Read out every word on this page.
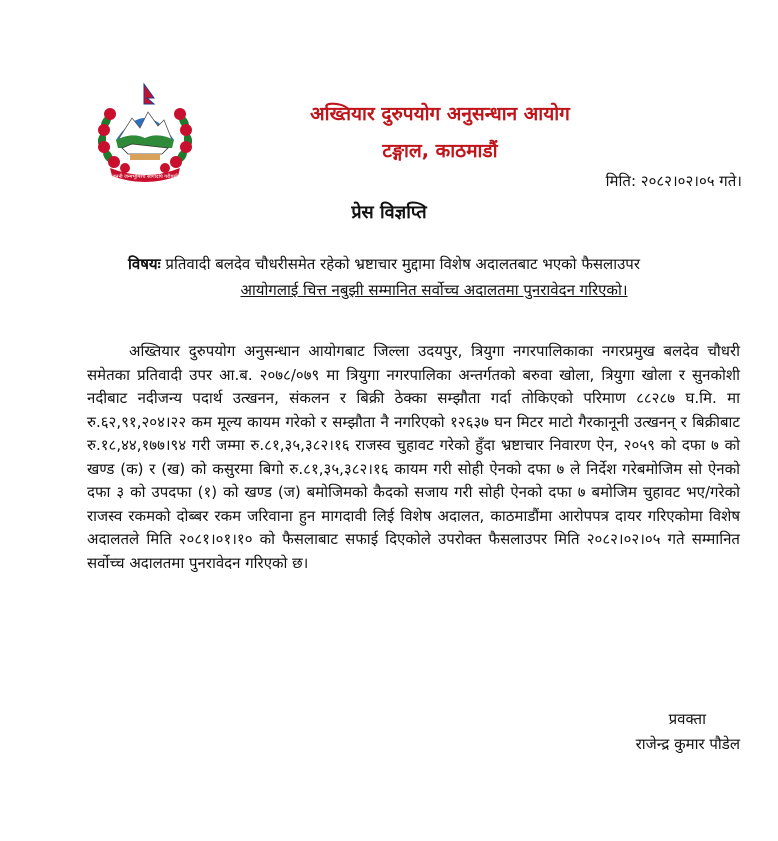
जननी जन्मभूमिश्च स्वर्गादपि गरीयसी
अख्तियार दुरुपयोग अनुसन्धान आयोग
टङ्गाल, काठमाडौं
मिति: २०८२।०२।०५ गते।
प्रेस विज्ञप्ति
विषयः प्रतिवादी बलदेव चौधरीसमेत रहेको भ्रष्टाचार मुद्दामा विशेष अदालतबाट भएको फैसलाउपर
आयोगलाई चित्त नबुझी सम्मानित सर्वोच्च अदालतमा पुनरावेदन गरिएको।
अख्तियार दुरुपयोग अनुसन्धान आयोगबाट जिल्ला उदयपुर, त्रियुगा नगरपालिकाका नगरप्रमुख बलदेव चौधरी समेतका प्रतिवादी उपर आ.ब. २०७८/०७९ मा त्रियुगा नगरपालिका अन्तर्गतको बरुवा खोला, त्रियुगा खोला र सुनकोशी नदीबाट नदीजन्य पदार्थ उत्खनन, संकलन र बिक्री ठेक्का सम्झौता गर्दा तोकिएको परिमाण ८८२८७ घ.मि. मा रु.६२,९१,२०४।२२ कम मूल्य कायम गरेको र सम्झौता नै नगरिएको १२६३७ घन मिटर माटो गैरकानूनी उत्खनन् र बिक्रीबाट रु.१८,४४,१७७।९४ गरी जम्मा रु.८१,३५,३८२।१६ राजस्व चुहावट गरेको हुँदा भ्रष्टाचार निवारण ऐन, २०५९ को दफा ७ को खण्ड (क) र (ख) को कसुरमा बिगो रु.८१,३५,३८२।१६ कायम गरी सोही ऐनको दफा ७ ले निर्देश गरेबमोजिम सो ऐनको दफा ३ को उपदफा (१) को खण्ड (ज) बमोजिमको कैदको सजाय गरी सोही ऐनको दफा ७ बमोजिम चुहावट भए/गरेको राजस्व रकमको दोब्बर रकम जरिवाना हुन मागदावी लिई विशेष अदालत, काठमाडौंमा आरोपपत्र दायर गरिएकोमा विशेष अदालतले मिति २०८१।०१।१० को फैसलाबाट सफाई दिएकोले उपरोक्त फैसलाउपर मिति २०८२।०२।०५ गते सम्मानित सर्वोच्च अदालतमा पुनरावेदन गरिएको छ।
प्रवक्ता
राजेन्द्र कुमार पौडेल
